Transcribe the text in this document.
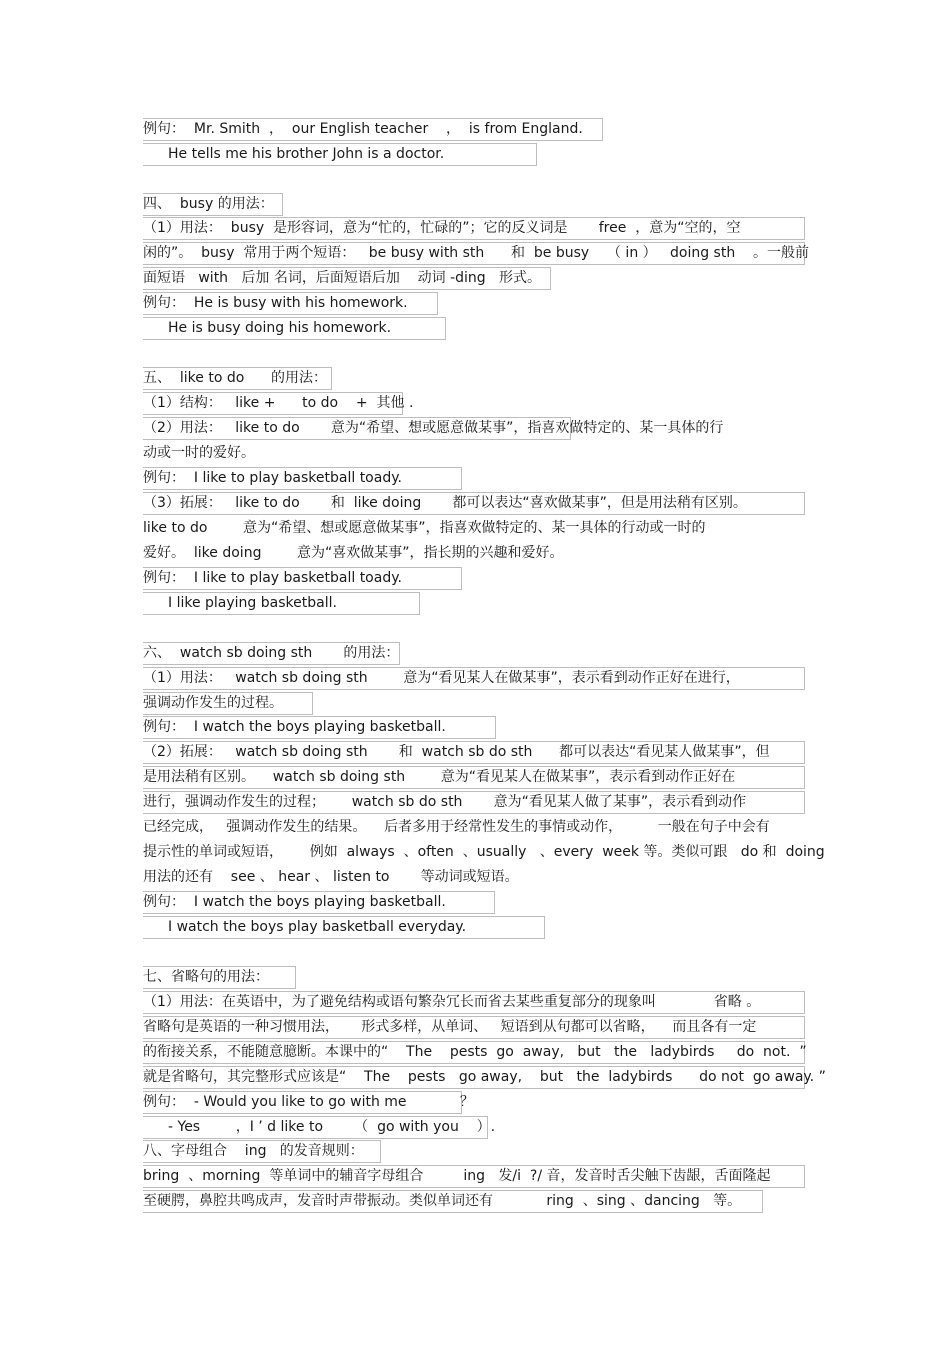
例句：  Mr. Smith  ，  our English teacher    ，  is from England.
He tells me his brother John is a doctor.
四、  busy 的用法：
（1）用法：  busy  是形容词，意为“忙的，忙碌的”；它的反义词是       free  ，意为“空的，空
闲的”。  busy  常用于两个短语：   be busy with sth      和  be busy    （ in ）   doing sth    。一般前
面短语   with   后加 名词，后面短语后加    动词 -ding   形式。
例句：  He is busy with his homework.
He is busy doing his homework.
五、  like to do      的用法：
（1）结构：   like +      to do    +  其他 .
（2）用法：   like to do       意为“希望、想或愿意做某事”，指喜欢做特定的、某一具体的行
动或一时的爱好。
例句：  I like to play basketball toady.
（3）拓展：   like to do       和  like doing       都可以表达“喜欢做某事”，但是用法稍有区别。
like to do        意为“希望、想或愿意做某事”，指喜欢做特定的、某一具体的行动或一时的
爱好。  like doing        意为“喜欢做某事”，指长期的兴趣和爱好。
例句：  I like to play basketball toady.
I like playing basketball.
六、  watch sb doing sth       的用法：
（1）用法：   watch sb doing sth        意为“看见某人在做某事”，表示看到动作正好在进行，
强调动作发生的过程。
例句：  I watch the boys playing basketball.
（2）拓展：   watch sb doing sth       和  watch sb do sth      都可以表达“看见某人做某事”，但
是用法稍有区别。    watch sb doing sth        意为“看见某人在做某事”，表示看到动作正好在
进行，强调动作发生的过程；      watch sb do sth       意为“看见某人做了某事”，表示看到动作
已经完成，   强调动作发生的结果。    后者多用于经常性发生的事情或动作，        一般在句子中会有
提示性的单词或短语，      例如  always  、often  、usually   、every  week 等。类似可跟   do 和  doing
用法的还有    see 、 hear 、 listen to       等动词或短语。
例句：  I watch the boys playing basketball.
I watch the boys play basketball everyday.
七、省略句的用法：
（1）用法：在英语中，为了避免结构或语句繁杂冗长而省去某些重复部分的现象叫             省略 。
省略句是英语的一种习惯用法，     形式多样，从单词、   短语到从句都可以省略，    而且各有一定
的衔接关系，不能随意臆断。本课中的“    The    pests  go  away,   but   the   ladybirds     do  not.  ”
就是省略句，其完整形式应该是“    The    pests   go away,    but   the  ladybirds      do not  go away. ”
例句：  - Would you like to go with me            ？
- Yes        ，I ’ d like to       （  go with you    ）.
八、字母组合    ing   的发音规则：
bring  、morning  等单词中的辅音字母组合         ing   发/i  ?/ 音，发音时舌尖触下齿龈，舌面隆起
至硬腭，鼻腔共鸣成声，发音时声带振动。类似单词还有            ring  、sing 、dancing   等。
